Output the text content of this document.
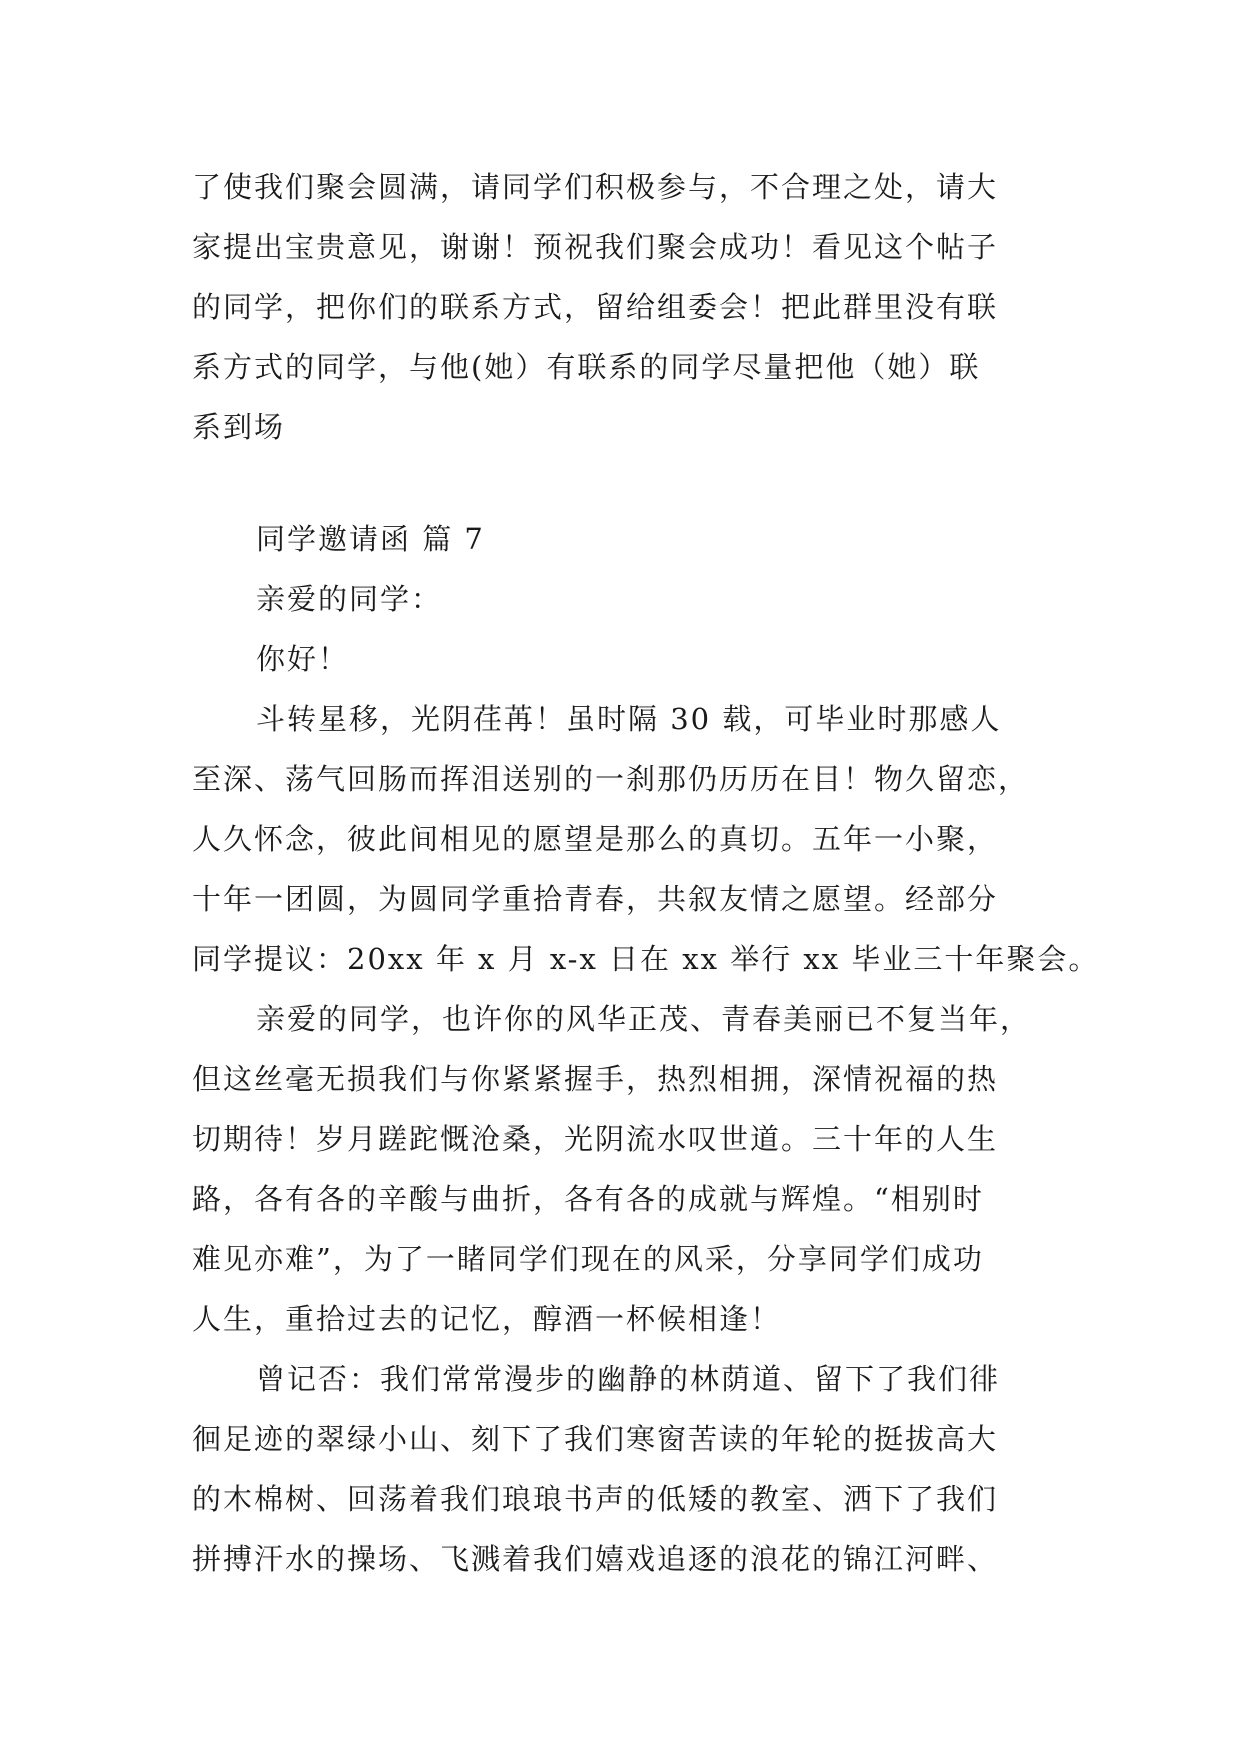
了使我们聚会圆满，请同学们积极参与，不合理之处，请大
家提出宝贵意见，谢谢！预祝我们聚会成功！看见这个帖子
的同学，把你们的联系方式，留给组委会！把此群里没有联
系方式的同学，与他(她）有联系的同学尽量把他（她）联
系到场
同学邀请函 篇 7
亲爱的同学：
你好！
斗转星移，光阴荏苒！虽时隔 30 载，可毕业时那感人
至深、荡气回肠而挥泪送别的一刹那仍历历在目！物久留恋，
人久怀念，彼此间相见的愿望是那么的真切。五年一小聚，
十年一团圆，为圆同学重拾青春，共叙友情之愿望。经部分
同学提议：20xx 年 x 月 x-x 日在 xx 举行 xx 毕业三十年聚会。
亲爱的同学，也许你的风华正茂、青春美丽已不复当年，
但这丝毫无损我们与你紧紧握手，热烈相拥，深情祝福的热
切期待！岁月蹉跎慨沧桑，光阴流水叹世道。三十年的人生
路，各有各的辛酸与曲折，各有各的成就与辉煌。“相别时
难见亦难”，为了一睹同学们现在的风采，分享同学们成功
人生，重拾过去的记忆，醇酒一杯候相逢！
曾记否：我们常常漫步的幽静的林荫道、留下了我们徘
徊足迹的翠绿小山、刻下了我们寒窗苦读的年轮的挺拔高大
的木棉树、回荡着我们琅琅书声的低矮的教室、洒下了我们
拼搏汗水的操场、飞溅着我们嬉戏追逐的浪花的锦江河畔、
